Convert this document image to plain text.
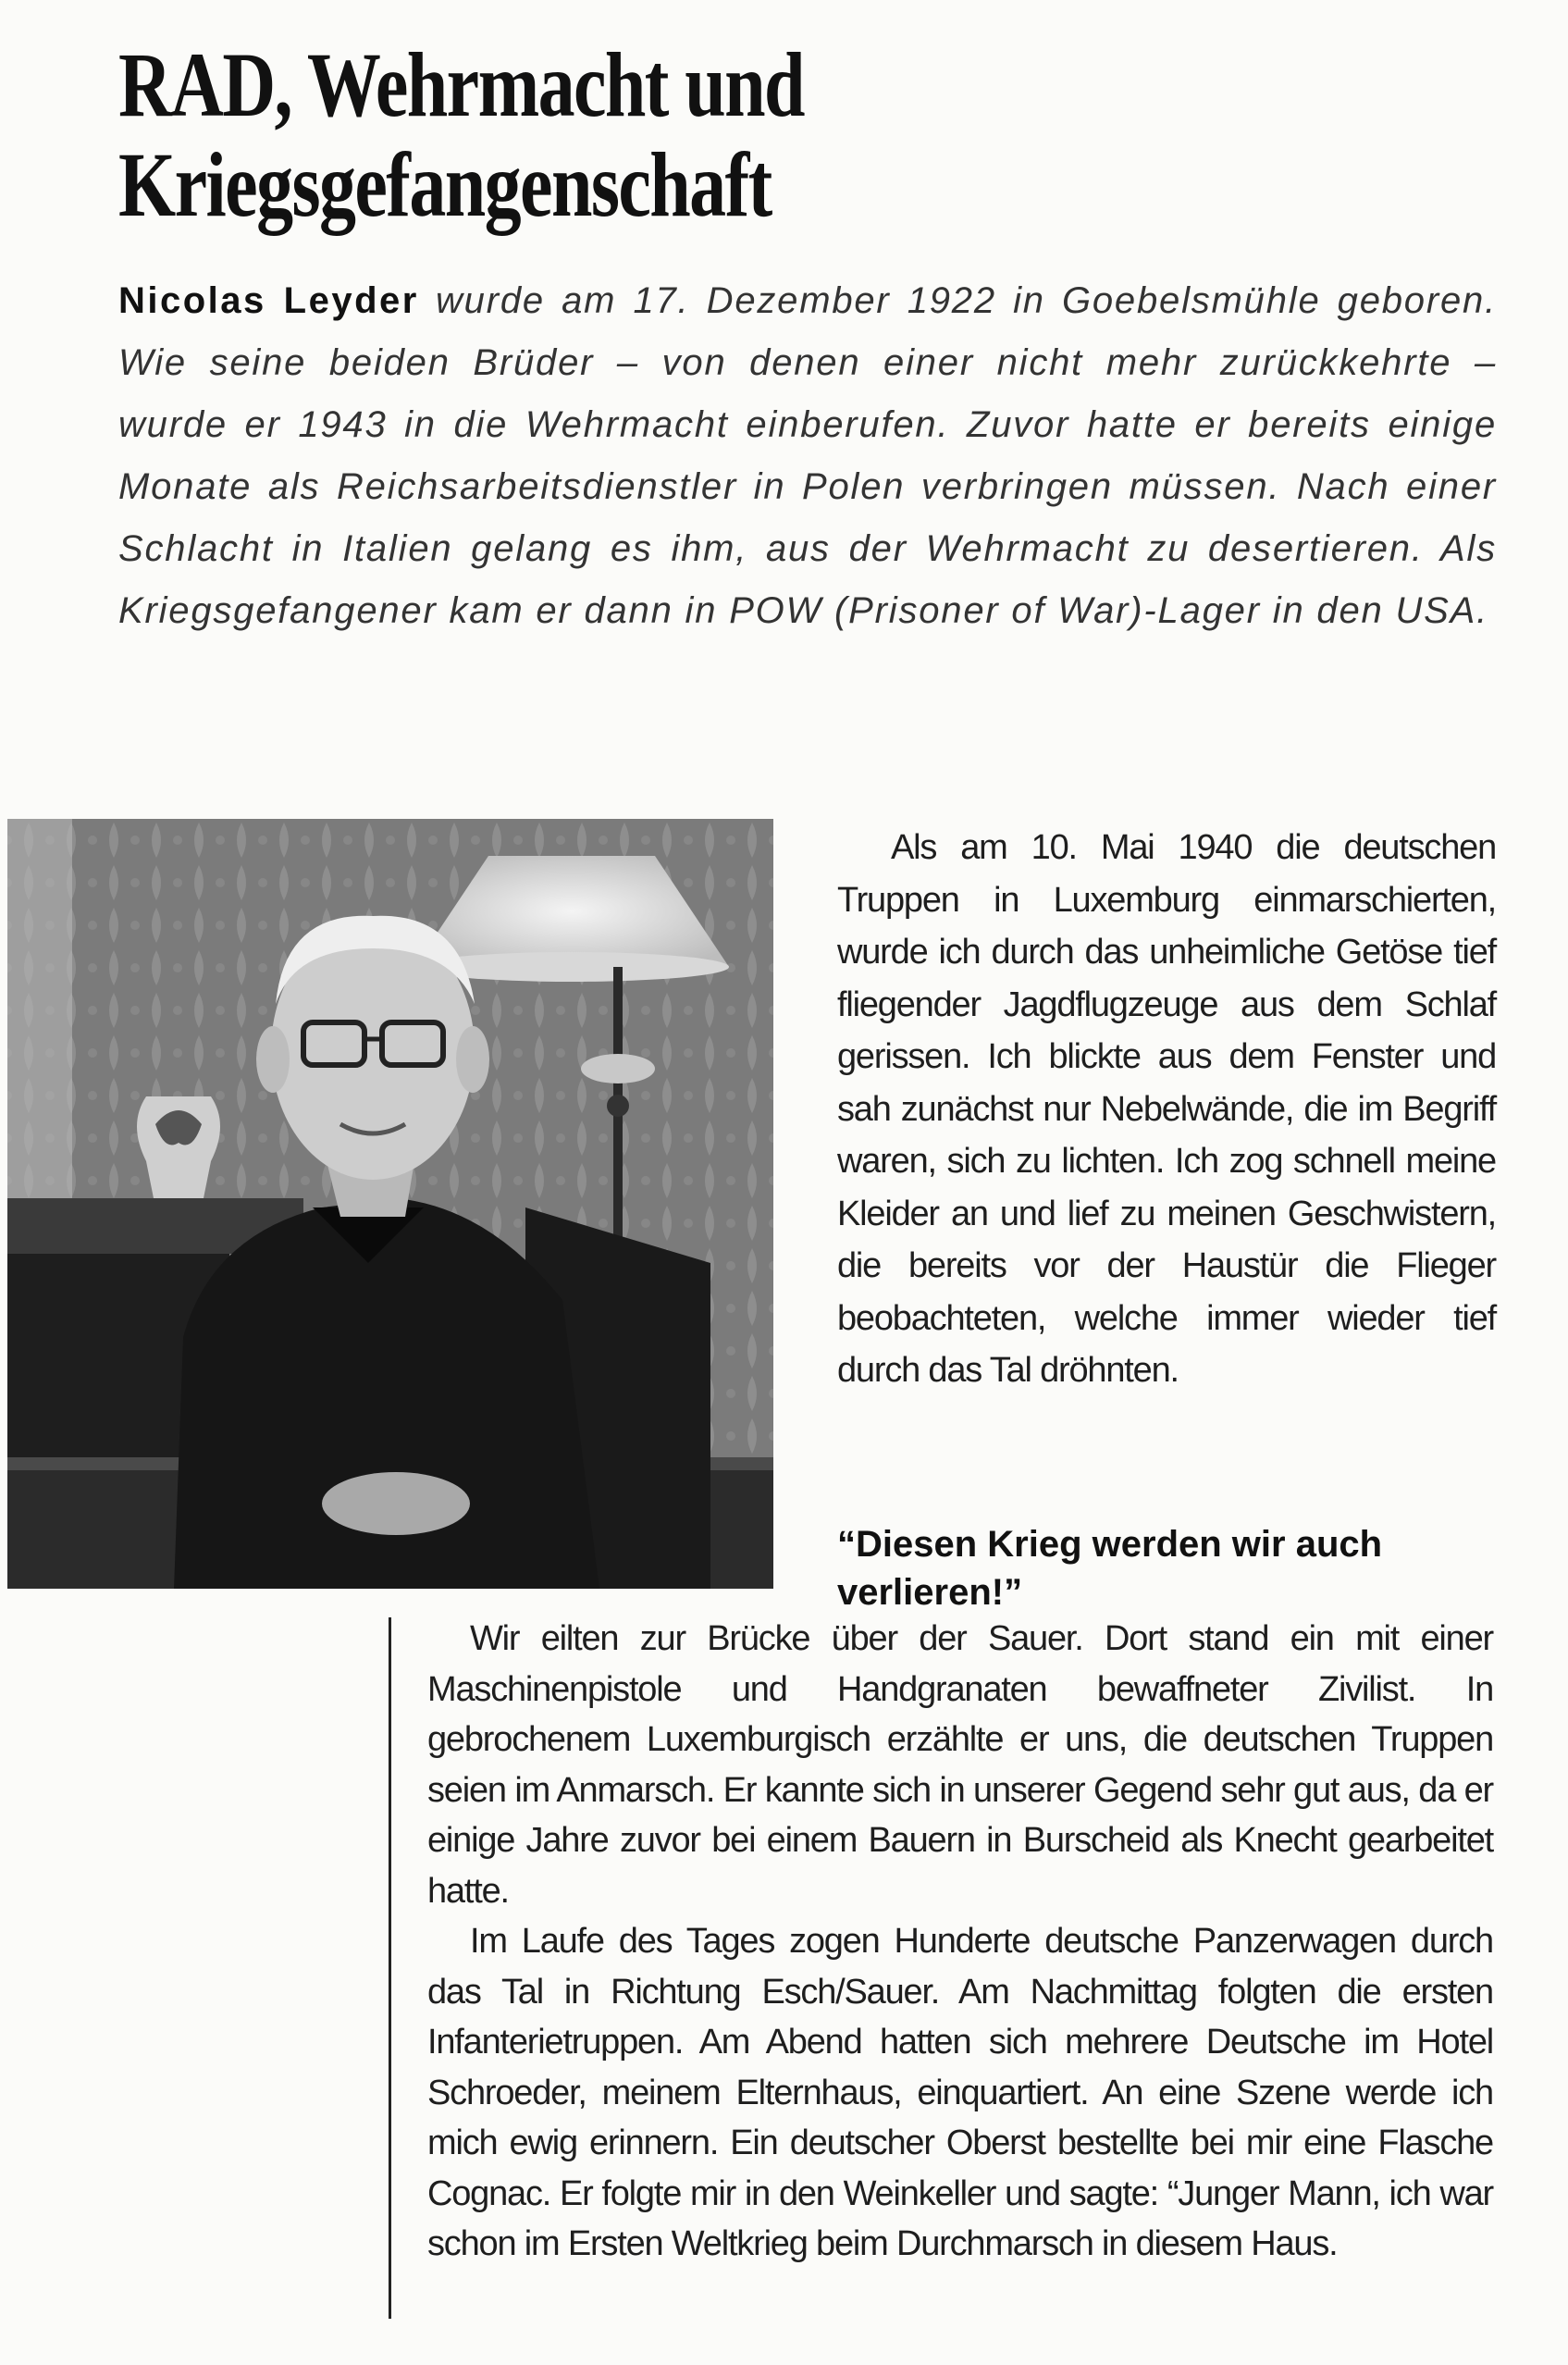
RAD, Wehrmacht und
Kriegsgefangenschaft

Nicolas Leyder wurde am 17. Dezember 1922 in Goebelsmühle geboren. Wie seine beiden Brüder – von denen einer nicht mehr zurückkehrte – wurde er 1943 in die Wehrmacht einberufen. Zuvor hatte er bereits einige Monate als Reichsarbeitsdienstler in Polen verbringen müssen. Nach einer Schlacht in Italien gelang es ihm, aus der Wehrmacht zu desertieren. Als Kriegsgefangener kam er dann in POW (Prisoner of War)-Lager in den USA.

Als am 10. Mai 1940 die deutschen Truppen in Luxemburg einmarschierten, wurde ich durch das unheimliche Getöse tief fliegender Jagdflugzeuge aus dem Schlaf gerissen. Ich blickte aus dem Fenster und sah zunächst nur Nebelwände, die im Begriff waren, sich zu lichten. Ich zog schnell meine Kleider an und lief zu meinen Geschwistern, die bereits vor der Haustür die Flieger beobachteten, welche immer wieder tief durch das Tal dröhnten.

“Diesen Krieg werden wir auch verlieren!”

Wir eilten zur Brücke über der Sauer. Dort stand ein mit einer Maschinenpistole und Handgranaten bewaffneter Zivilist. In gebrochenem Luxemburgisch erzählte er uns, die deutschen Truppen seien im Anmarsch. Er kannte sich in unserer Gegend sehr gut aus, da er einige Jahre zuvor bei einem Bauern in Burscheid als Knecht gearbeitet hatte.

Im Laufe des Tages zogen Hunderte deutsche Panzerwagen durch das Tal in Richtung Esch/Sauer. Am Nachmittag folgten die ersten Infanterietruppen. Am Abend hatten sich mehrere Deutsche im Hotel Schroeder, meinem Elternhaus, einquartiert. An eine Szene werde ich mich ewig erinnern. Ein deutscher Oberst bestellte bei mir eine Flasche Cognac. Er folgte mir in den Weinkeller und sagte: “Junger Mann, ich war schon im Ersten Weltkrieg beim Durchmarsch in diesem Haus.
